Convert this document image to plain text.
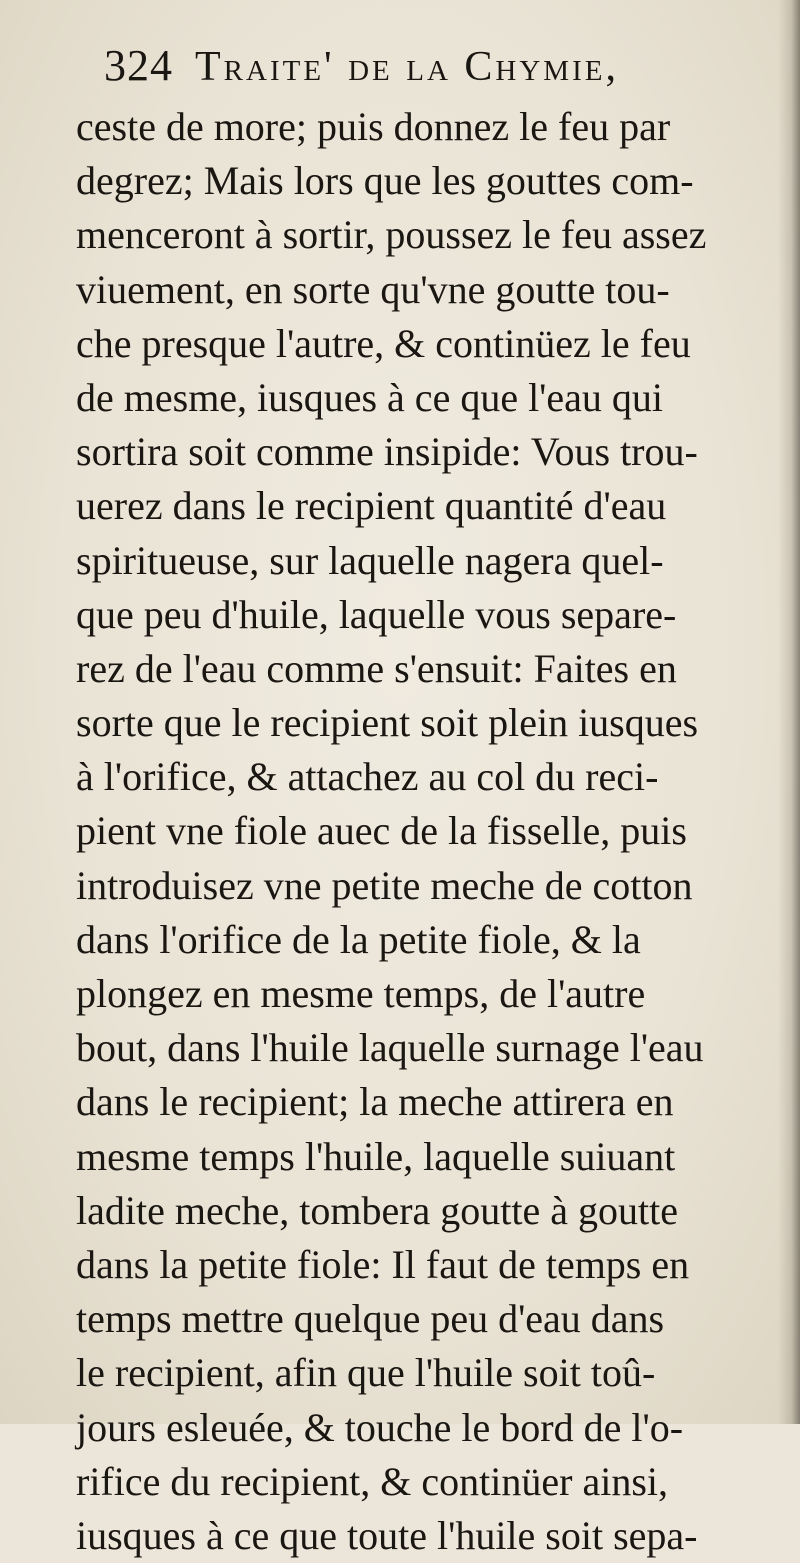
324 Traite' de la Chymie,
ceste de more; puis donnez le feu par
degrez; Mais lors que les gouttes com-
menceront à sortir, poussez le feu assez
viuement, en sorte qu'vne goutte tou-
che presque l'autre, & continüez le feu
de mesme, iusques à ce que l'eau qui
sortira soit comme insipide: Vous trou-
uerez dans le recipient quantité d'eau
spiritueuse, sur laquelle nagera quel-
que peu d'huile, laquelle vous separe-
rez de l'eau comme s'ensuit: Faites en
sorte que le recipient soit plein iusques
à l'orifice, & attachez au col du reci-
pient vne fiole auec de la fisselle, puis
introduisez vne petite meche de cotton
dans l'orifice de la petite fiole, & la
plongez en mesme temps, de l'autre
bout, dans l'huile laquelle surnage l'eau
dans le recipient; la meche attirera en
mesme temps l'huile, laquelle suiuant
ladite meche, tombera goutte à goutte
dans la petite fiole: Il faut de temps en
temps mettre quelque peu d'eau dans
le recipient, afin que l'huile soit toû-
jours esleuée, & touche le bord de l'o-
rifice du recipient, & continüer ainsi,
iusques à ce que toute l'huile soit sepa-
